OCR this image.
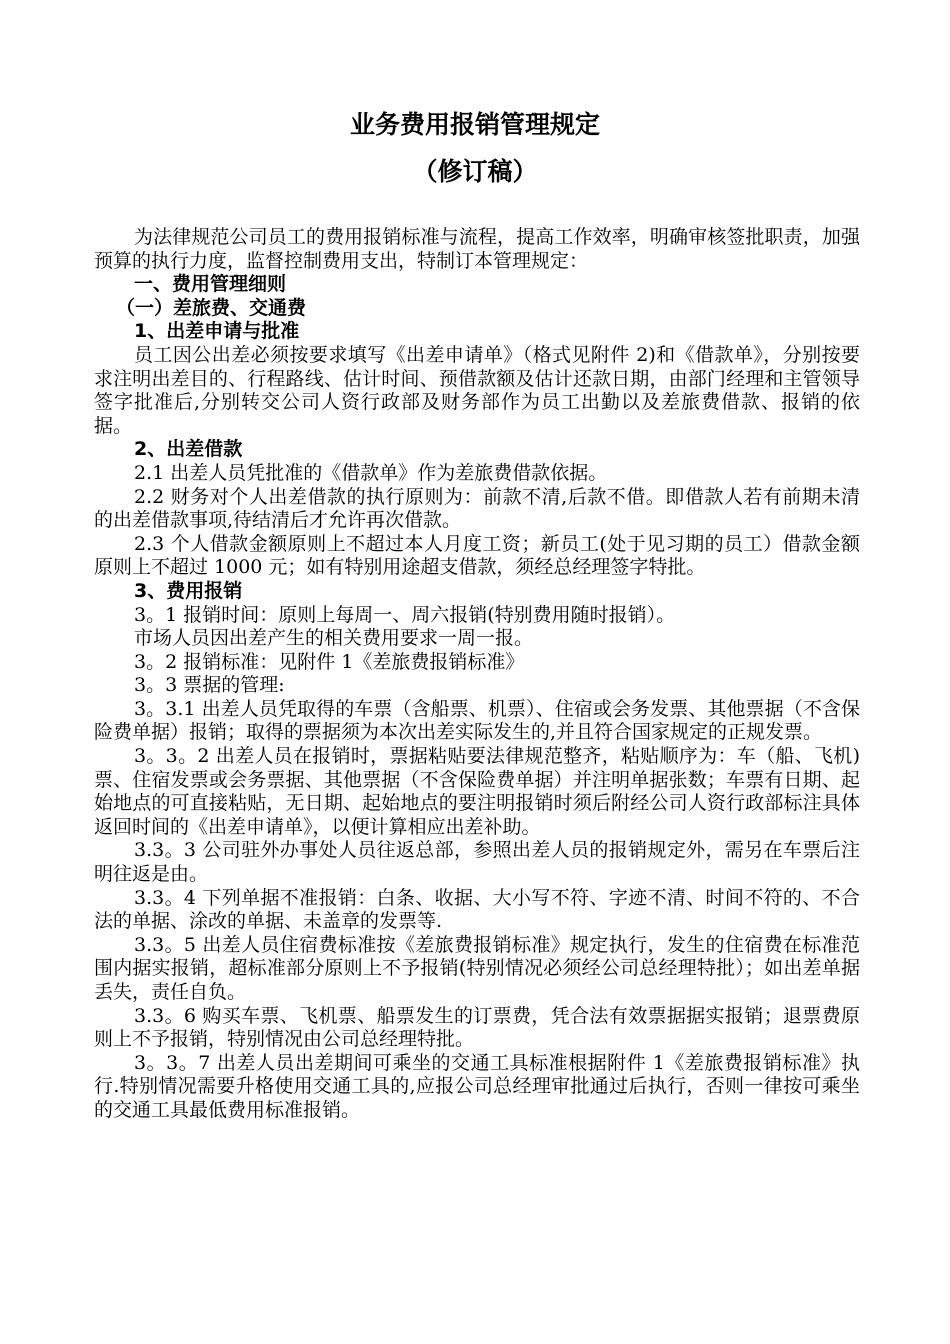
业务费用报销管理规定
（修订稿）

为法律规范公司员工的费用报销标准与流程，提高工作效率，明确审核签批职责，加强预算的执行力度，监督控制费用支出，特制订本管理规定：

一、费用管理细则
（一）差旅费、交通费
1、出差申请与批准

员工因公出差必须按要求填写《出差申请单》（格式见附件 2)和《借款单》，分别按要求注明出差目的、行程路线、估计时间、预借款额及估计还款日期，由部门经理和主管领导签字批准后,分别转交公司人资行政部及财务部作为员工出勤以及差旅费借款、报销的依据。

2、出差借款

2.1 出差人员凭批准的《借款单》作为差旅费借款依据。

2.2 财务对个人出差借款的执行原则为：前款不清,后款不借。即借款人若有前期未清的出差借款事项,待结清后才允许再次借款。

2.3 个人借款金额原则上不超过本人月度工资；新员工(处于见习期的员工）借款金额原则上不超过 1000 元；如有特别用途超支借款，须经总经理签字特批。

3、费用报销

3。1 报销时间：原则上每周一、周六报销(特别费用随时报销）。

市场人员因出差产生的相关费用要求一周一报。

3。2 报销标准：见附件 1《差旅费报销标准》

3。3 票据的管理:

3。3.1 出差人员凭取得的车票（含船票、机票）、住宿或会务发票、其他票据（不含保险费单据）报销；取得的票据须为本次出差实际发生的,并且符合国家规定的正规发票。

3。3。2 出差人员在报销时，票据粘贴要法律规范整齐，粘贴顺序为：车（船、飞机)票、住宿发票或会务票据、其他票据（不含保险费单据）并注明单据张数；车票有日期、起始地点的可直接粘贴，无日期、起始地点的要注明报销时须后附经公司人资行政部标注具体返回时间的《出差申请单》，以便计算相应出差补助。

3.3。3 公司驻外办事处人员往返总部，参照出差人员的报销规定外，需另在车票后注明往返是由。

3.3。4 下列单据不准报销：白条、收据、大小写不符、字迹不清、时间不符的、不合法的单据、涂改的单据、未盖章的发票等.

3.3。5 出差人员住宿费标准按《差旅费报销标准》规定执行，发生的住宿费在标准范围内据实报销，超标准部分原则上不予报销(特别情况必须经公司总经理特批）；如出差单据丢失，责任自负。

3.3。6 购买车票、飞机票、船票发生的订票费，凭合法有效票据据实报销；退票费原则上不予报销，特别情况由公司总经理特批。

3。3。7 出差人员出差期间可乘坐的交通工具标准根据附件 1《差旅费报销标准》执行.特别情况需要升格使用交通工具的,应报公司总经理审批通过后执行，否则一律按可乘坐的交通工具最低费用标准报销。
